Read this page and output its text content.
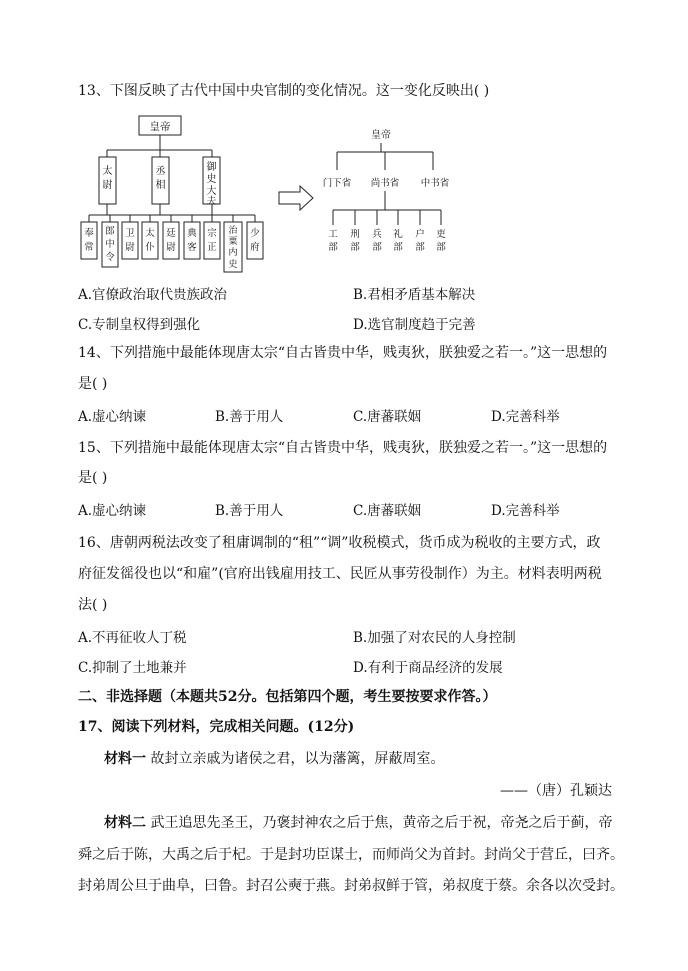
13、下图反映了古代中国中央官制的变化情况。这一变化反映出( )
皇帝
太
尉
丞
相
御
史
大
夫
奉
常
郎
中
令
卫
尉
太
仆
廷
尉
典
客
宗
正
治
粟
内
史
少
府
皇帝
门下省 尚书省 中书省
工
部
刑
部
兵
部
礼
部
户
部
吏
部
A.官僚政治取代贵族政治	B.君相矛盾基本解决
C.专制皇权得到强化	D.选官制度趋于完善
14、下列措施中最能体现唐太宗“自古皆贵中华，贱夷狄，朕独爱之若一。”这一思想的
是( )
A.虚心纳谏	B.善于用人	C.唐蕃联姻	D.完善科举
15、下列措施中最能体现唐太宗“自古皆贵中华，贱夷狄，朕独爱之若一。”这一思想的
是( )
A.虚心纳谏	B.善于用人	C.唐蕃联姻	D.完善科举
16、唐朝两税法改变了租庸调制的“租”“调”收税模式，货币成为税收的主要方式，政
府征发徭役也以“和雇”(官府出钱雇用技工、民匠从事劳役制作）为主。材料表明两税
法( )
A.不再征收人丁税	B.加强了对农民的人身控制
C.抑制了土地兼并	D.有利于商品经济的发展
二、非选择题（本题共52分。包括第四个题，考生要按要求作答。）
17、阅读下列材料，完成相关问题。(12分)
材料一 故封立亲戚为诸侯之君，以为藩篱，屏蔽周室。
——（唐）孔颖达
材料二 武王追思先圣王，乃褒封神农之后于焦，黄帝之后于祝，帝尧之后于蓟，帝
舜之后于陈，大禹之后于杞。于是封功臣谋士，而师尚父为首封。封尚父于营丘，曰齐。
封弟周公旦于曲阜，曰鲁。封召公奭于燕。封弟叔鲜于管，弟叔度于蔡。余各以次受封。
